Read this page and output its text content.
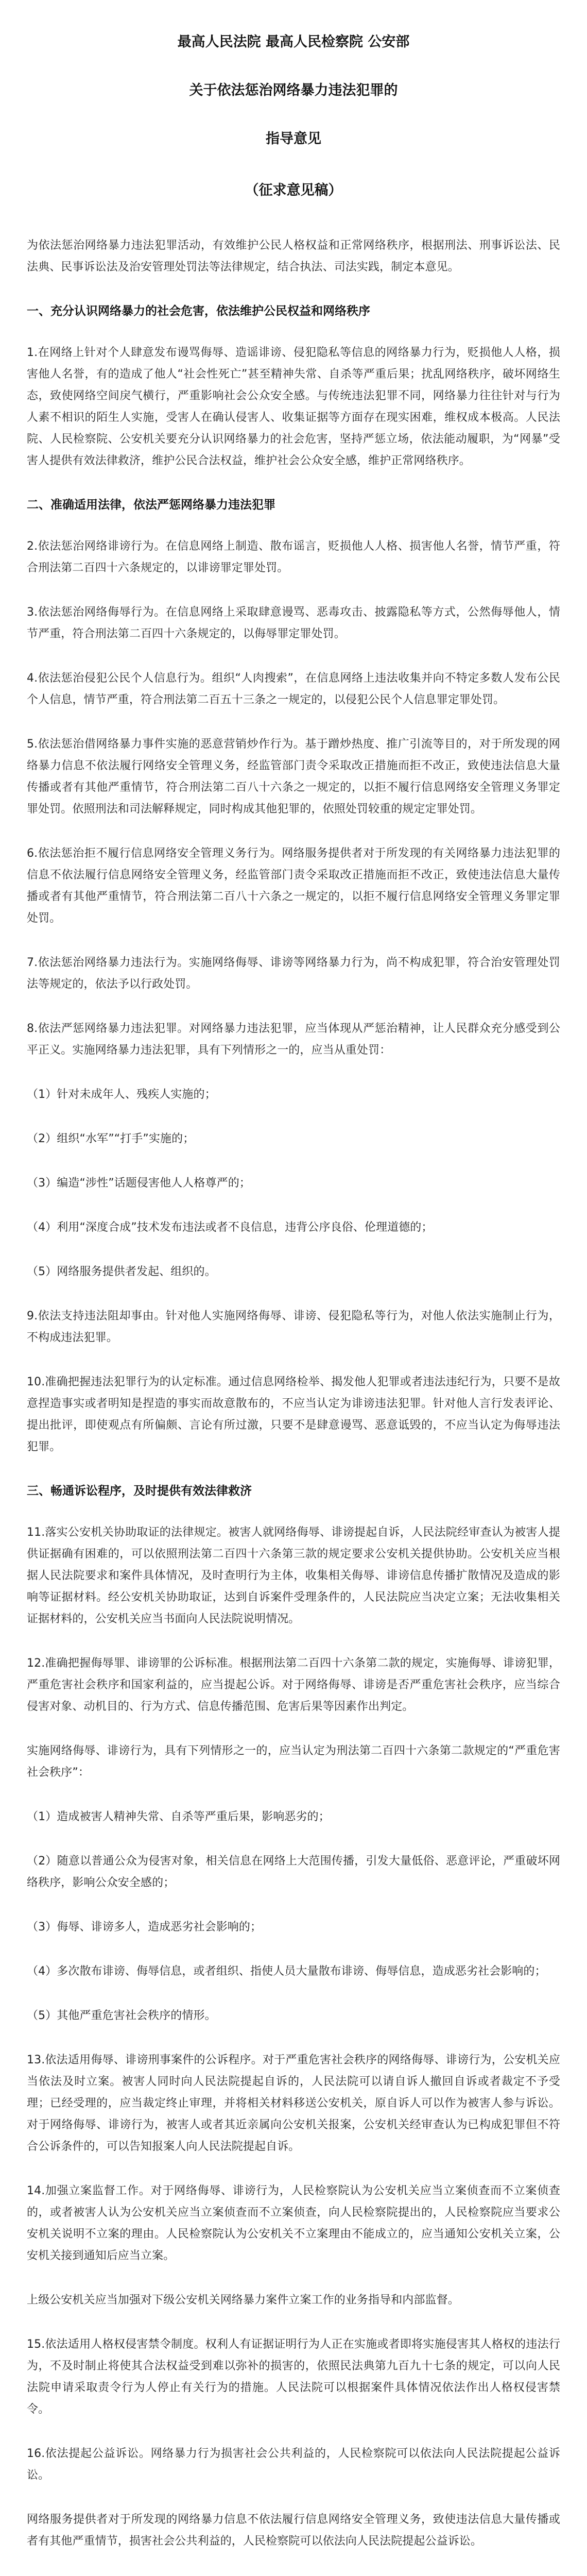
最高人民法院 最高人民检察院 公安部
关于依法惩治网络暴力违法犯罪的
指导意见
（征求意见稿）

为依法惩治网络暴力违法犯罪活动，有效维护公民人格权益和正常网络秩序，根据刑法、刑事诉讼法、民法典、民事诉讼法及治安管理处罚法等法律规定，结合执法、司法实践，制定本意见。

一、充分认识网络暴力的社会危害，依法维护公民权益和网络秩序

1.在网络上针对个人肆意发布谩骂侮辱、造谣诽谤、侵犯隐私等信息的网络暴力行为，贬损他人人格，损害他人名誉，有的造成了他人“社会性死亡”甚至精神失常、自杀等严重后果；扰乱网络秩序，破坏网络生态，致使网络空间戾气横行，严重影响社会公众安全感。与传统违法犯罪不同，网络暴力往往针对与行为人素不相识的陌生人实施，受害人在确认侵害人、收集证据等方面存在现实困难，维权成本极高。人民法院、人民检察院、公安机关要充分认识网络暴力的社会危害，坚持严惩立场，依法能动履职，为“网暴”受害人提供有效法律救济，维护公民合法权益，维护社会公众安全感，维护正常网络秩序。

二、准确适用法律，依法严惩网络暴力违法犯罪

2.依法惩治网络诽谤行为。在信息网络上制造、散布谣言，贬损他人人格、损害他人名誉，情节严重，符合刑法第二百四十六条规定的，以诽谤罪定罪处罚。

3.依法惩治网络侮辱行为。在信息网络上采取肆意谩骂、恶毒攻击、披露隐私等方式，公然侮辱他人，情节严重，符合刑法第二百四十六条规定的，以侮辱罪定罪处罚。

4.依法惩治侵犯公民个人信息行为。组织“人肉搜索”，在信息网络上违法收集并向不特定多数人发布公民个人信息，情节严重，符合刑法第二百五十三条之一规定的，以侵犯公民个人信息罪定罪处罚。

5.依法惩治借网络暴力事件实施的恶意营销炒作行为。基于蹭炒热度、推广引流等目的，对于所发现的网络暴力信息不依法履行网络安全管理义务，经监管部门责令采取改正措施而拒不改正，致使违法信息大量传播或者有其他严重情节，符合刑法第二百八十六条之一规定的，以拒不履行信息网络安全管理义务罪定罪处罚。依照刑法和司法解释规定，同时构成其他犯罪的，依照处罚较重的规定定罪处罚。

6.依法惩治拒不履行信息网络安全管理义务行为。网络服务提供者对于所发现的有关网络暴力违法犯罪的信息不依法履行信息网络安全管理义务，经监管部门责令采取改正措施而拒不改正，致使违法信息大量传播或者有其他严重情节，符合刑法第二百八十六条之一规定的，以拒不履行信息网络安全管理义务罪定罪处罚。

7.依法惩治网络暴力违法行为。实施网络侮辱、诽谤等网络暴力行为，尚不构成犯罪，符合治安管理处罚法等规定的，依法予以行政处罚。

8.依法严惩网络暴力违法犯罪。对网络暴力违法犯罪，应当体现从严惩治精神，让人民群众充分感受到公平正义。实施网络暴力违法犯罪，具有下列情形之一的，应当从重处罚：

（1）针对未成年人、残疾人实施的；

（2）组织“水军”“打手”实施的；

（3）编造“涉性”话题侵害他人人格尊严的；

（4）利用“深度合成”技术发布违法或者不良信息，违背公序良俗、伦理道德的；

（5）网络服务提供者发起、组织的。

9.依法支持违法阻却事由。针对他人实施网络侮辱、诽谤、侵犯隐私等行为，对他人依法实施制止行为，不构成违法犯罪。

10.准确把握违法犯罪行为的认定标准。通过信息网络检举、揭发他人犯罪或者违法违纪行为，只要不是故意捏造事实或者明知是捏造的事实而故意散布的，不应当认定为诽谤违法犯罪。针对他人言行发表评论、提出批评，即使观点有所偏颇、言论有所过激，只要不是肆意谩骂、恶意诋毁的，不应当认定为侮辱违法犯罪。

三、畅通诉讼程序，及时提供有效法律救济

11.落实公安机关协助取证的法律规定。被害人就网络侮辱、诽谤提起自诉，人民法院经审查认为被害人提供证据确有困难的，可以依照刑法第二百四十六条第三款的规定要求公安机关提供协助。公安机关应当根据人民法院要求和案件具体情况，及时查明行为主体，收集相关侮辱、诽谤信息传播扩散情况及造成的影响等证据材料。经公安机关协助取证，达到自诉案件受理条件的，人民法院应当决定立案；无法收集相关证据材料的，公安机关应当书面向人民法院说明情况。

12.准确把握侮辱罪、诽谤罪的公诉标准。根据刑法第二百四十六条第二款的规定，实施侮辱、诽谤犯罪，严重危害社会秩序和国家利益的，应当提起公诉。对于网络侮辱、诽谤是否严重危害社会秩序，应当综合侵害对象、动机目的、行为方式、信息传播范围、危害后果等因素作出判定。

实施网络侮辱、诽谤行为，具有下列情形之一的，应当认定为刑法第二百四十六条第二款规定的“严重危害社会秩序”：

（1）造成被害人精神失常、自杀等严重后果，影响恶劣的；

（2）随意以普通公众为侵害对象，相关信息在网络上大范围传播，引发大量低俗、恶意评论，严重破坏网络秩序，影响公众安全感的；

（3）侮辱、诽谤多人，造成恶劣社会影响的；

（4）多次散布诽谤、侮辱信息，或者组织、指使人员大量散布诽谤、侮辱信息，造成恶劣社会影响的；

（5）其他严重危害社会秩序的情形。

13.依法适用侮辱、诽谤刑事案件的公诉程序。对于严重危害社会秩序的网络侮辱、诽谤行为，公安机关应当依法及时立案。被害人同时向人民法院提起自诉的，人民法院可以请自诉人撤回自诉或者裁定不予受理；已经受理的，应当裁定终止审理，并将相关材料移送公安机关，原自诉人可以作为被害人参与诉讼。对于网络侮辱、诽谤行为，被害人或者其近亲属向公安机关报案，公安机关经审查认为已构成犯罪但不符合公诉条件的，可以告知报案人向人民法院提起自诉。

14.加强立案监督工作。对于网络侮辱、诽谤行为，人民检察院认为公安机关应当立案侦查而不立案侦查的，或者被害人认为公安机关应当立案侦查而不立案侦查，向人民检察院提出的，人民检察院应当要求公安机关说明不立案的理由。人民检察院认为公安机关不立案理由不能成立的，应当通知公安机关立案，公安机关接到通知后应当立案。

上级公安机关应当加强对下级公安机关网络暴力案件立案工作的业务指导和内部监督。

15.依法适用人格权侵害禁令制度。权利人有证据证明行为人正在实施或者即将实施侵害其人格权的违法行为，不及时制止将使其合法权益受到难以弥补的损害的，依照民法典第九百九十七条的规定，可以向人民法院申请采取责令行为人停止有关行为的措施。人民法院可以根据案件具体情况依法作出人格权侵害禁令。

16.依法提起公益诉讼。网络暴力行为损害社会公共利益的，人民检察院可以依法向人民法院提起公益诉讼。

网络服务提供者对于所发现的网络暴力信息不依法履行信息网络安全管理义务，致使违法信息大量传播或者有其他严重情节，损害社会公共利益的，人民检察院可以依法向人民法院提起公益诉讼。
